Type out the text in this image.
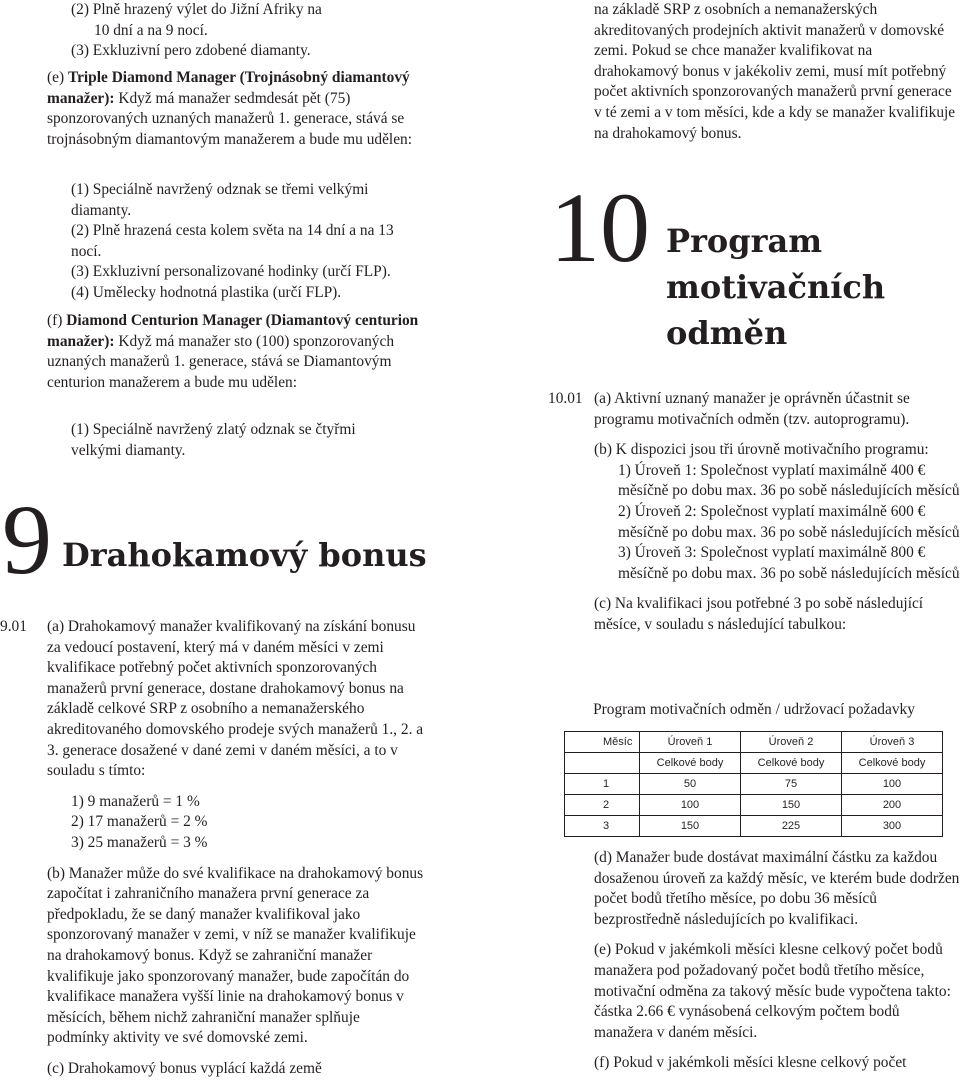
(2) Plně hrazený výlet do Jižní Afriky na 10 dní a na 9 nocí.

(3) Exkluzivní pero zdobené diamanty.

(e) Triple Diamond Manager (Trojnásobný diamantový manažer): Když má manažer sedmdesát pět (75) sponzorovaných uznaných manažerů 1. generace, stává se trojnásobným diamantovým manažerem a bude mu udělen:

(1) Speciálně navržený odznak se třemi velkými diamanty.

(2) Plně hrazená cesta kolem světa na 14 dní a na 13 nocí.

(3) Exkluzivní personalizované hodinky (určí FLP).

(4) Umělecky hodnotná plastika (určí FLP).

(f) Diamond Centurion Manager (Diamantový centurion manažer): Když má manažer sto (100) sponzorovaných uznaných manažerů 1. generace, stává se Diamantovým centurion manažerem a bude mu udělen:

(1) Speciálně navržený zlatý odznak se čtyřmi velkými diamanty.

9 Drahokamový bonus
9.01 (a) Drahokamový manažer kvalifikovaný na získání bonusu za vedoucí postavení, který má v daném měsíci v zemi kvalifikace potřebný počet aktivních sponzorovaných manažerů první generace, dostane drahokamový bonus na základě celkové SRP z osobního a nemanažerského akreditovaného domovského prodeje svých manažerů 1., 2. a 3. generace dosažené v dané zemi v daném měsíci, a to v souladu s tímto:

1) 9 manažerů = 1 %

2) 17 manažerů = 2 %

3) 25 manažerů = 3 %

(b) Manažer může do své kvalifikace na drahokamový bonus započítat i zahraničního manažera první generace za předpokladu, že se daný manažer kvalifikoval jako sponzorovaný manažer v zemi, v níž se manažer kvalifikuje na drahokamový bonus. Když se zahraniční manažer kvalifikuje jako sponzorovaný manažer, bude započítán do kvalifikace manažera vyšší linie na drahokamový bonus v měsících, během nichž zahraniční manažer splňuje podmínky aktivity ve své domovské zemi.

(c) Drahokamový bonus vyplácí každá země

na základě SRP z osobních a nemanažerských akreditovaných prodejních aktivit manažerů v domovské zemi. Pokud se chce manažer kvalifikovat na drahokamový bonus v jakékoliv zemi, musí mít potřebný počet aktivních sponzorovaných manažerů první generace v té zemi a v tom měsíci, kde a kdy se manažer kvalifikuje na drahokamový bonus.

10 Program
motivačních
odměn
10.01 (a) Aktivní uznaný manažer je oprávněn účastnit se programu motivačních odměn (tzv. autoprogramu).

(b) K dispozici jsou tři úrovně motivačního programu:

1) Úroveň 1: Společnost vyplatí maximálně 400 € měsíčně po dobu max. 36 po sobě následujících měsíců

2) Úroveň 2: Společnost vyplatí maximálně 600 € měsíčně po dobu max. 36 po sobě následujících měsíců

3) Úroveň 3: Společnost vyplatí maximálně 800 € měsíčně po dobu max. 36 po sobě následujících měsíců

(c) Na kvalifikaci jsou potřebné 3 po sobě následující měsíce, v souladu s následující tabulkou:

Program motivačních odměn / udržovací požadavky
Měsíc	Úroveň 1	Úroveň 2	Úroveň 3
	Celkové body	Celkové body	Celkové body
1	50	75	100
2	100	150	200
3	150	225	300

(d) Manažer bude dostávat maximální částku za každou dosaženou úroveň za každý měsíc, ve kterém bude dodržen počet bodů třetího měsíce, po dobu 36 měsíců bezprostředně následujících po kvalifikaci.

(e) Pokud v jakémkoli měsíci klesne celkový počet bodů manažera pod požadovaný počet bodů třetího měsíce, motivační odměna za takový měsíc bude vypočtena takto: částka 2.66 € vynásobená celkovým počtem bodů manažera v daném měsíci.

(f) Pokud v jakémkoli měsíci klesne celkový počet
